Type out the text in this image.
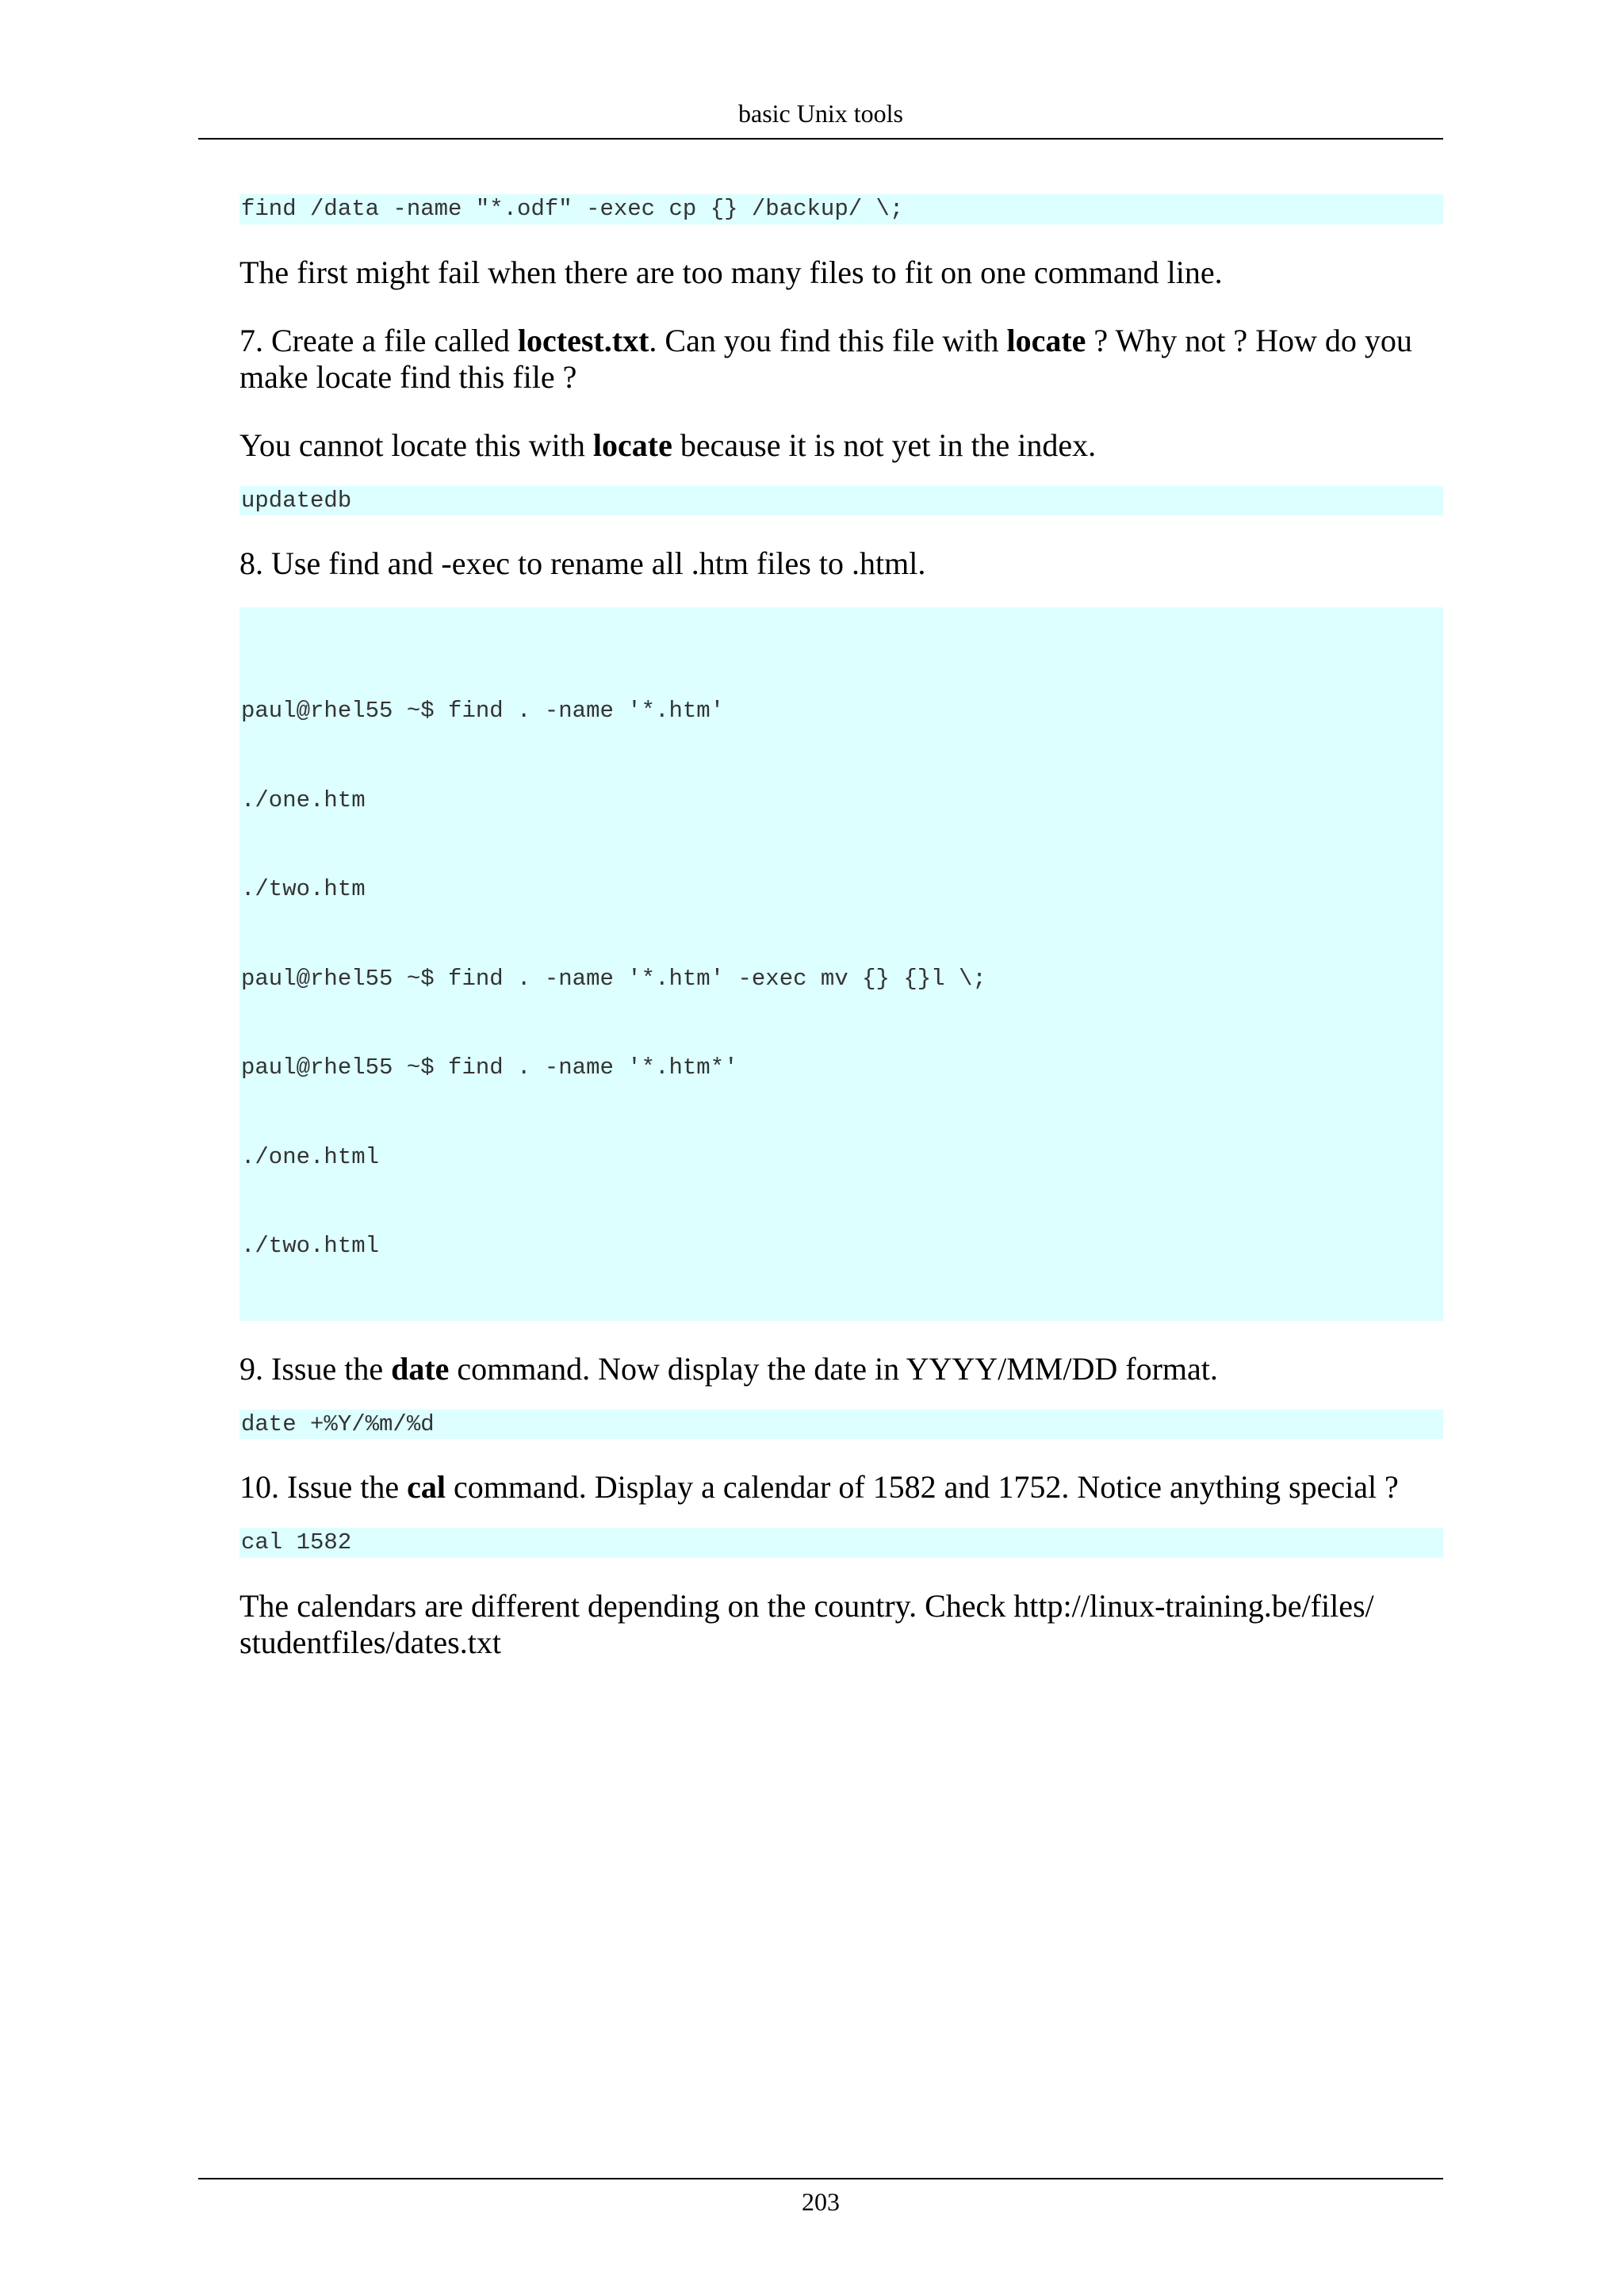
basic Unix tools
find /data -name "*.odf" -exec cp {} /backup/ \;

The first might fail when there are too many files to fit on one command line.

7. Create a file called loctest.txt. Can you find this file with locate ? Why not ? How do you make locate find this file ?

You cannot locate this with locate because it is not yet in the index.

updatedb

8. Use find and -exec to rename all .htm files to .html.

paul@rhel55 ~$ find . -name '*.htm'

./one.htm

./two.htm

paul@rhel55 ~$ find . -name '*.htm' -exec mv {} {}l \;

paul@rhel55 ~$ find . -name '*.htm*'

./one.html

./two.html

9. Issue the date command. Now display the date in YYYY/MM/DD format.

date +%Y/%m/%d

10. Issue the cal command. Display a calendar of 1582 and 1752. Notice anything special ?

cal 1582

The calendars are different depending on the country. Check http://linux-training.be/files/
studentfiles/dates.txt

203
